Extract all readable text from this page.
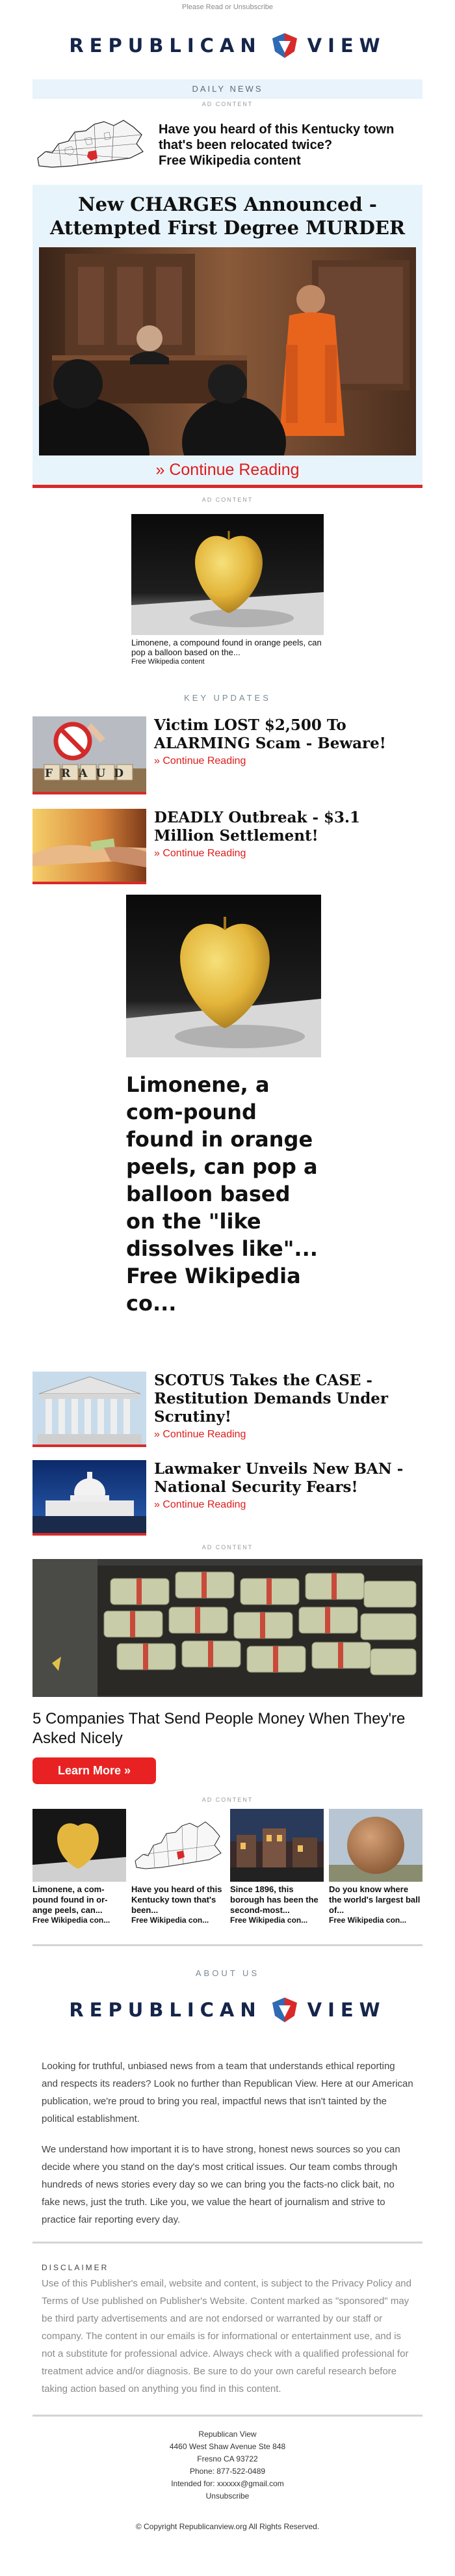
Please Read or Unsubscribe
REPUBLICAN VIEW
DAILY NEWS
AD CONTENT
Have you heard of this Kentucky town that's been relocated twice?
Free Wikipedia content
New CHARGES Announced - Attempted First Degree MURDER
» Continue Reading
AD CONTENT
Limonene, a compound found in orange peels, can pop a balloon based on the...
Free Wikipedia content
KEY UPDATES
FRAUD
Victim LOST $2,500 To ALARMING Scam - Beware!
» Continue Reading
DEADLY Outbreak - $3.1 Million Settlement!
» Continue Reading
Limonene, a com-pound found in orange peels, can pop a balloon based on the "like dissolves like"...
Free Wikipedia co...
SCOTUS Takes the CASE - Restitution Demands Under Scrutiny!
» Continue Reading
Lawmaker Unveils New BAN - National Security Fears!
» Continue Reading
AD CONTENT
5 Companies That Send People Money When They're Asked Nicely
Learn More »
AD CONTENT
Limonene, a com-pound found in or-ange peels, can...
Free Wikipedia con...
Have you heard of this Kentucky town that's been...
Free Wikipedia con...
Since 1896, this borough has been the second-most...
Free Wikipedia con...
Do you know where the world's largest ball of...
Free Wikipedia con...
ABOUT US
REPUBLICAN VIEW

Looking for truthful, unbiased news from a team that understands ethical reporting and respects its readers? Look no further than Republican View. Here at our American publication, we're proud to bring you real, impactful news that isn't tainted by the political establishment.

We understand how important it is to have strong, honest news sources so you can decide where you stand on the day's most critical issues. Our team combs through hundreds of news stories every day so we can bring you the facts-no click bait, no fake news, just the truth. Like you, we value the heart of journalism and strive to practice fair reporting every day.

DISCLAIMER
Use of this Publisher's email, website and content, is subject to the Privacy Policy and Terms of Use published on Publisher's Website. Content marked as "sponsored" may be third party advertisements and are not endorsed or warranted by our staff or company. The content in our emails is for informational or entertainment use, and is not a substitute for professional advice. Always check with a qualified professional for treatment advice and/or diagnosis. Be sure to do your own careful research before taking action based on anything you find in this content.
Republican View
4460 West Shaw Avenue Ste 848
Fresno CA 93722
Phone: 877-522-0489
Intended for: xxxxxx@gmail.com
Unsubscribe
© Copyright Republicanview.org All Rights Reserved.
